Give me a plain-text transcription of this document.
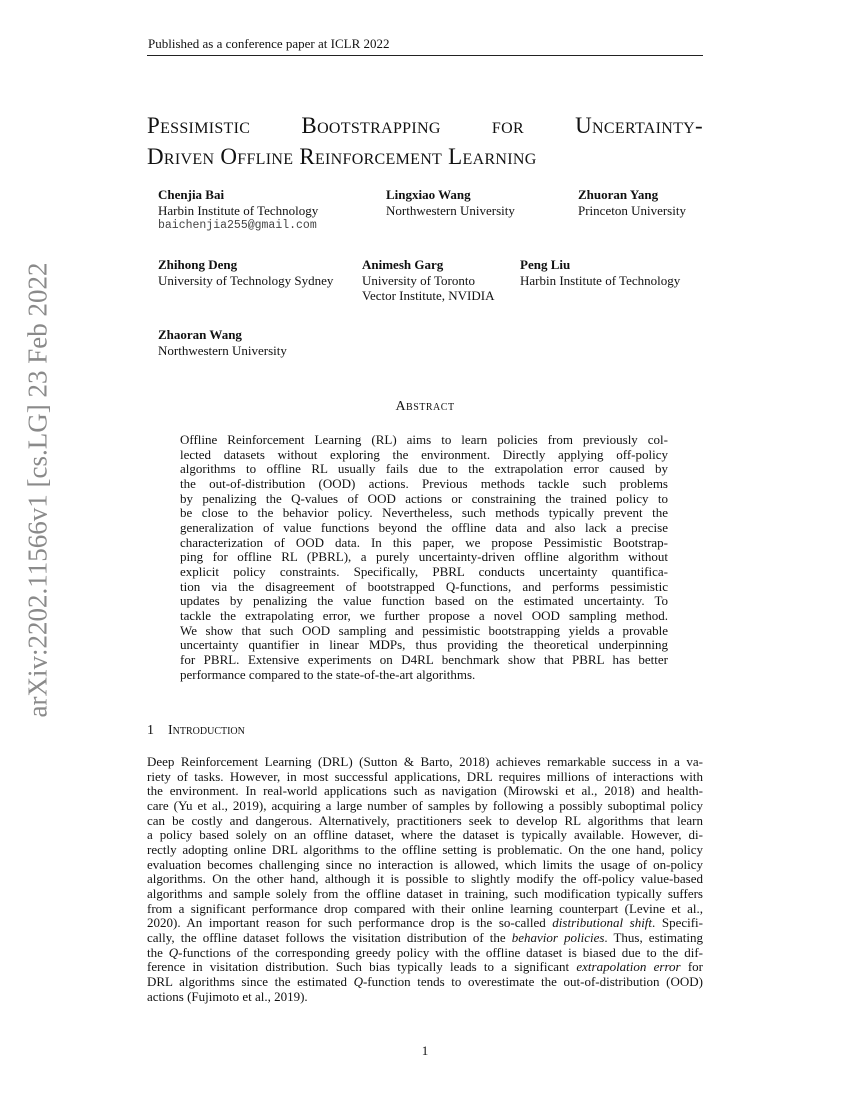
arXiv:2202.11566v1 [cs.LG] 23 Feb 2022
Published as a conference paper at ICLR 2022
Pessimistic Bootstrapping for Uncertainty-
Driven Offline Reinforcement Learning
Chenjia Bai
Harbin Institute of Technology
baichenjia255@gmail.com
Lingxiao Wang
Northwestern University
Zhuoran Yang
Princeton University
Zhihong Deng
University of Technology Sydney
Animesh Garg
University of Toronto
Vector Institute, NVIDIA
Peng Liu
Harbin Institute of Technology
Zhaoran Wang
Northwestern University
Abstract
Offline Reinforcement Learning (RL) aims to learn policies from previously col-
lected datasets without exploring the environment. Directly applying off-policy
algorithms to offline RL usually fails due to the extrapolation error caused by
the out-of-distribution (OOD) actions. Previous methods tackle such problems
by penalizing the Q-values of OOD actions or constraining the trained policy to
be close to the behavior policy. Nevertheless, such methods typically prevent the
generalization of value functions beyond the offline data and also lack a precise
characterization of OOD data. In this paper, we propose Pessimistic Bootstrap-
ping for offline RL (PBRL), a purely uncertainty-driven offline algorithm without
explicit policy constraints. Specifically, PBRL conducts uncertainty quantifica-
tion via the disagreement of bootstrapped Q-functions, and performs pessimistic
updates by penalizing the value function based on the estimated uncertainty. To
tackle the extrapolating error, we further propose a novel OOD sampling method.
We show that such OOD sampling and pessimistic bootstrapping yields a provable
uncertainty quantifier in linear MDPs, thus providing the theoretical underpinning
for PBRL. Extensive experiments on D4RL benchmark show that PBRL has better
performance compared to the state-of-the-art algorithms.
1 Introduction
Deep Reinforcement Learning (DRL) (Sutton & Barto, 2018) achieves remarkable success in a va-
riety of tasks. However, in most successful applications, DRL requires millions of interactions with
the environment. In real-world applications such as navigation (Mirowski et al., 2018) and health-
care (Yu et al., 2019), acquiring a large number of samples by following a possibly suboptimal policy
can be costly and dangerous. Alternatively, practitioners seek to develop RL algorithms that learn
a policy based solely on an offline dataset, where the dataset is typically available. However, di-
rectly adopting online DRL algorithms to the offline setting is problematic. On the one hand, policy
evaluation becomes challenging since no interaction is allowed, which limits the usage of on-policy
algorithms. On the other hand, although it is possible to slightly modify the off-policy value-based
algorithms and sample solely from the offline dataset in training, such modification typically suffers
from a significant performance drop compared with their online learning counterpart (Levine et al.,
2020). An important reason for such performance drop is the so-called distributional shift. Specifi-
cally, the offline dataset follows the visitation distribution of the behavior policies. Thus, estimating
the Q-functions of the corresponding greedy policy with the offline dataset is biased due to the dif-
ference in visitation distribution. Such bias typically leads to a significant extrapolation error for
DRL algorithms since the estimated Q-function tends to overestimate the out-of-distribution (OOD)
actions (Fujimoto et al., 2019).
1
